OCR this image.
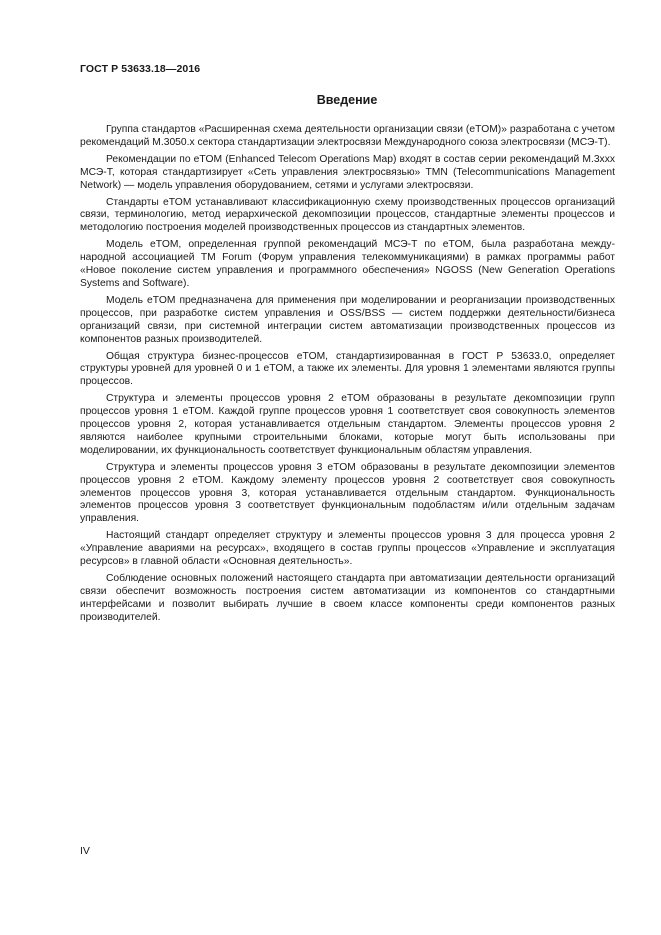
ГОСТ Р 53633.18—2016
Введение

Группа стандартов «Расширенная схема деятельности организации связи (eTOM)» разработана с учетом рекомендаций М.3050.х сектора стандартизации электросвязи Международного союза электросвязи (МСЭ-Т).

Рекомендации по eTOM (Enhanced Telecom Operations Map) входят в состав серии рекомендаций М.3ххх МСЭ-Т, которая стандартизирует «Сеть управления электросвязью» TMN (Telecommunications Management Network) — модель управления оборудованием, сетями и услугами электросвязи.

Стандарты eTOM устанавливают классификационную схему производственных процессов организаций связи, терминологию, метод иерархической декомпозиции процессов, стандартные элементы процессов и методологию построения моделей производственных процессов из стандартных элементов.

Модель eTOM, определенная группой рекомендаций МСЭ-Т по eTOM, была разработана международной ассоциацией TM Forum (Форум управления телекоммуникациями) в рамках программы работ «Новое поколение систем управления и программного обеспечения» NGOSS (New Generation Operations Systems and Software).

Модель eTOM предназначена для применения при моделировании и реорганизации производственных процессов, при разработке систем управления и OSS/BSS — систем поддержки деятельности/бизнеса организаций связи, при системной интеграции систем автоматизации производственных процессов из компонентов разных производителей.

Общая структура бизнес-процессов eTOM, стандартизированная в ГОСТ Р 53633.0, определяет структуры уровней для уровней 0 и 1 eTOM, а также их элементы. Для уровня 1 элементами являются группы процессов.

Структура и элементы процессов уровня 2 eTOM образованы в результате декомпозиции групп процессов уровня 1 eTOM. Каждой группе процессов уровня 1 соответствует своя совокупность элементов процессов уровня 2, которая устанавливается отдельным стандартом. Элементы процессов уровня 2 являются наиболее крупными строительными блоками, которые могут быть использованы при моделировании, их функциональность соответствует функциональным областям управления.

Структура и элементы процессов уровня 3 eTOM образованы в результате декомпозиции элементов процессов уровня 2 eTOM. Каждому элементу процессов уровня 2 соответствует своя совокупность элементов процессов уровня 3, которая устанавливается отдельным стандартом. Функциональность элементов процессов уровня 3 соответствует функциональным подобластям и/или отдельным задачам управления.

Настоящий стандарт определяет структуру и элементы процессов уровня 3 для процесса уровня 2 «Управление авариями на ресурсах», входящего в состав группы процессов «Управление и эксплуатация ресурсов» в главной области «Основная деятельность».

Соблюдение основных положений настоящего стандарта при автоматизации деятельности организаций связи обеспечит возможность построения систем автоматизации из компонентов со стандартными интерфейсами и позволит выбирать лучшие в своем классе компоненты среди компонентов разных производителей.

IV
